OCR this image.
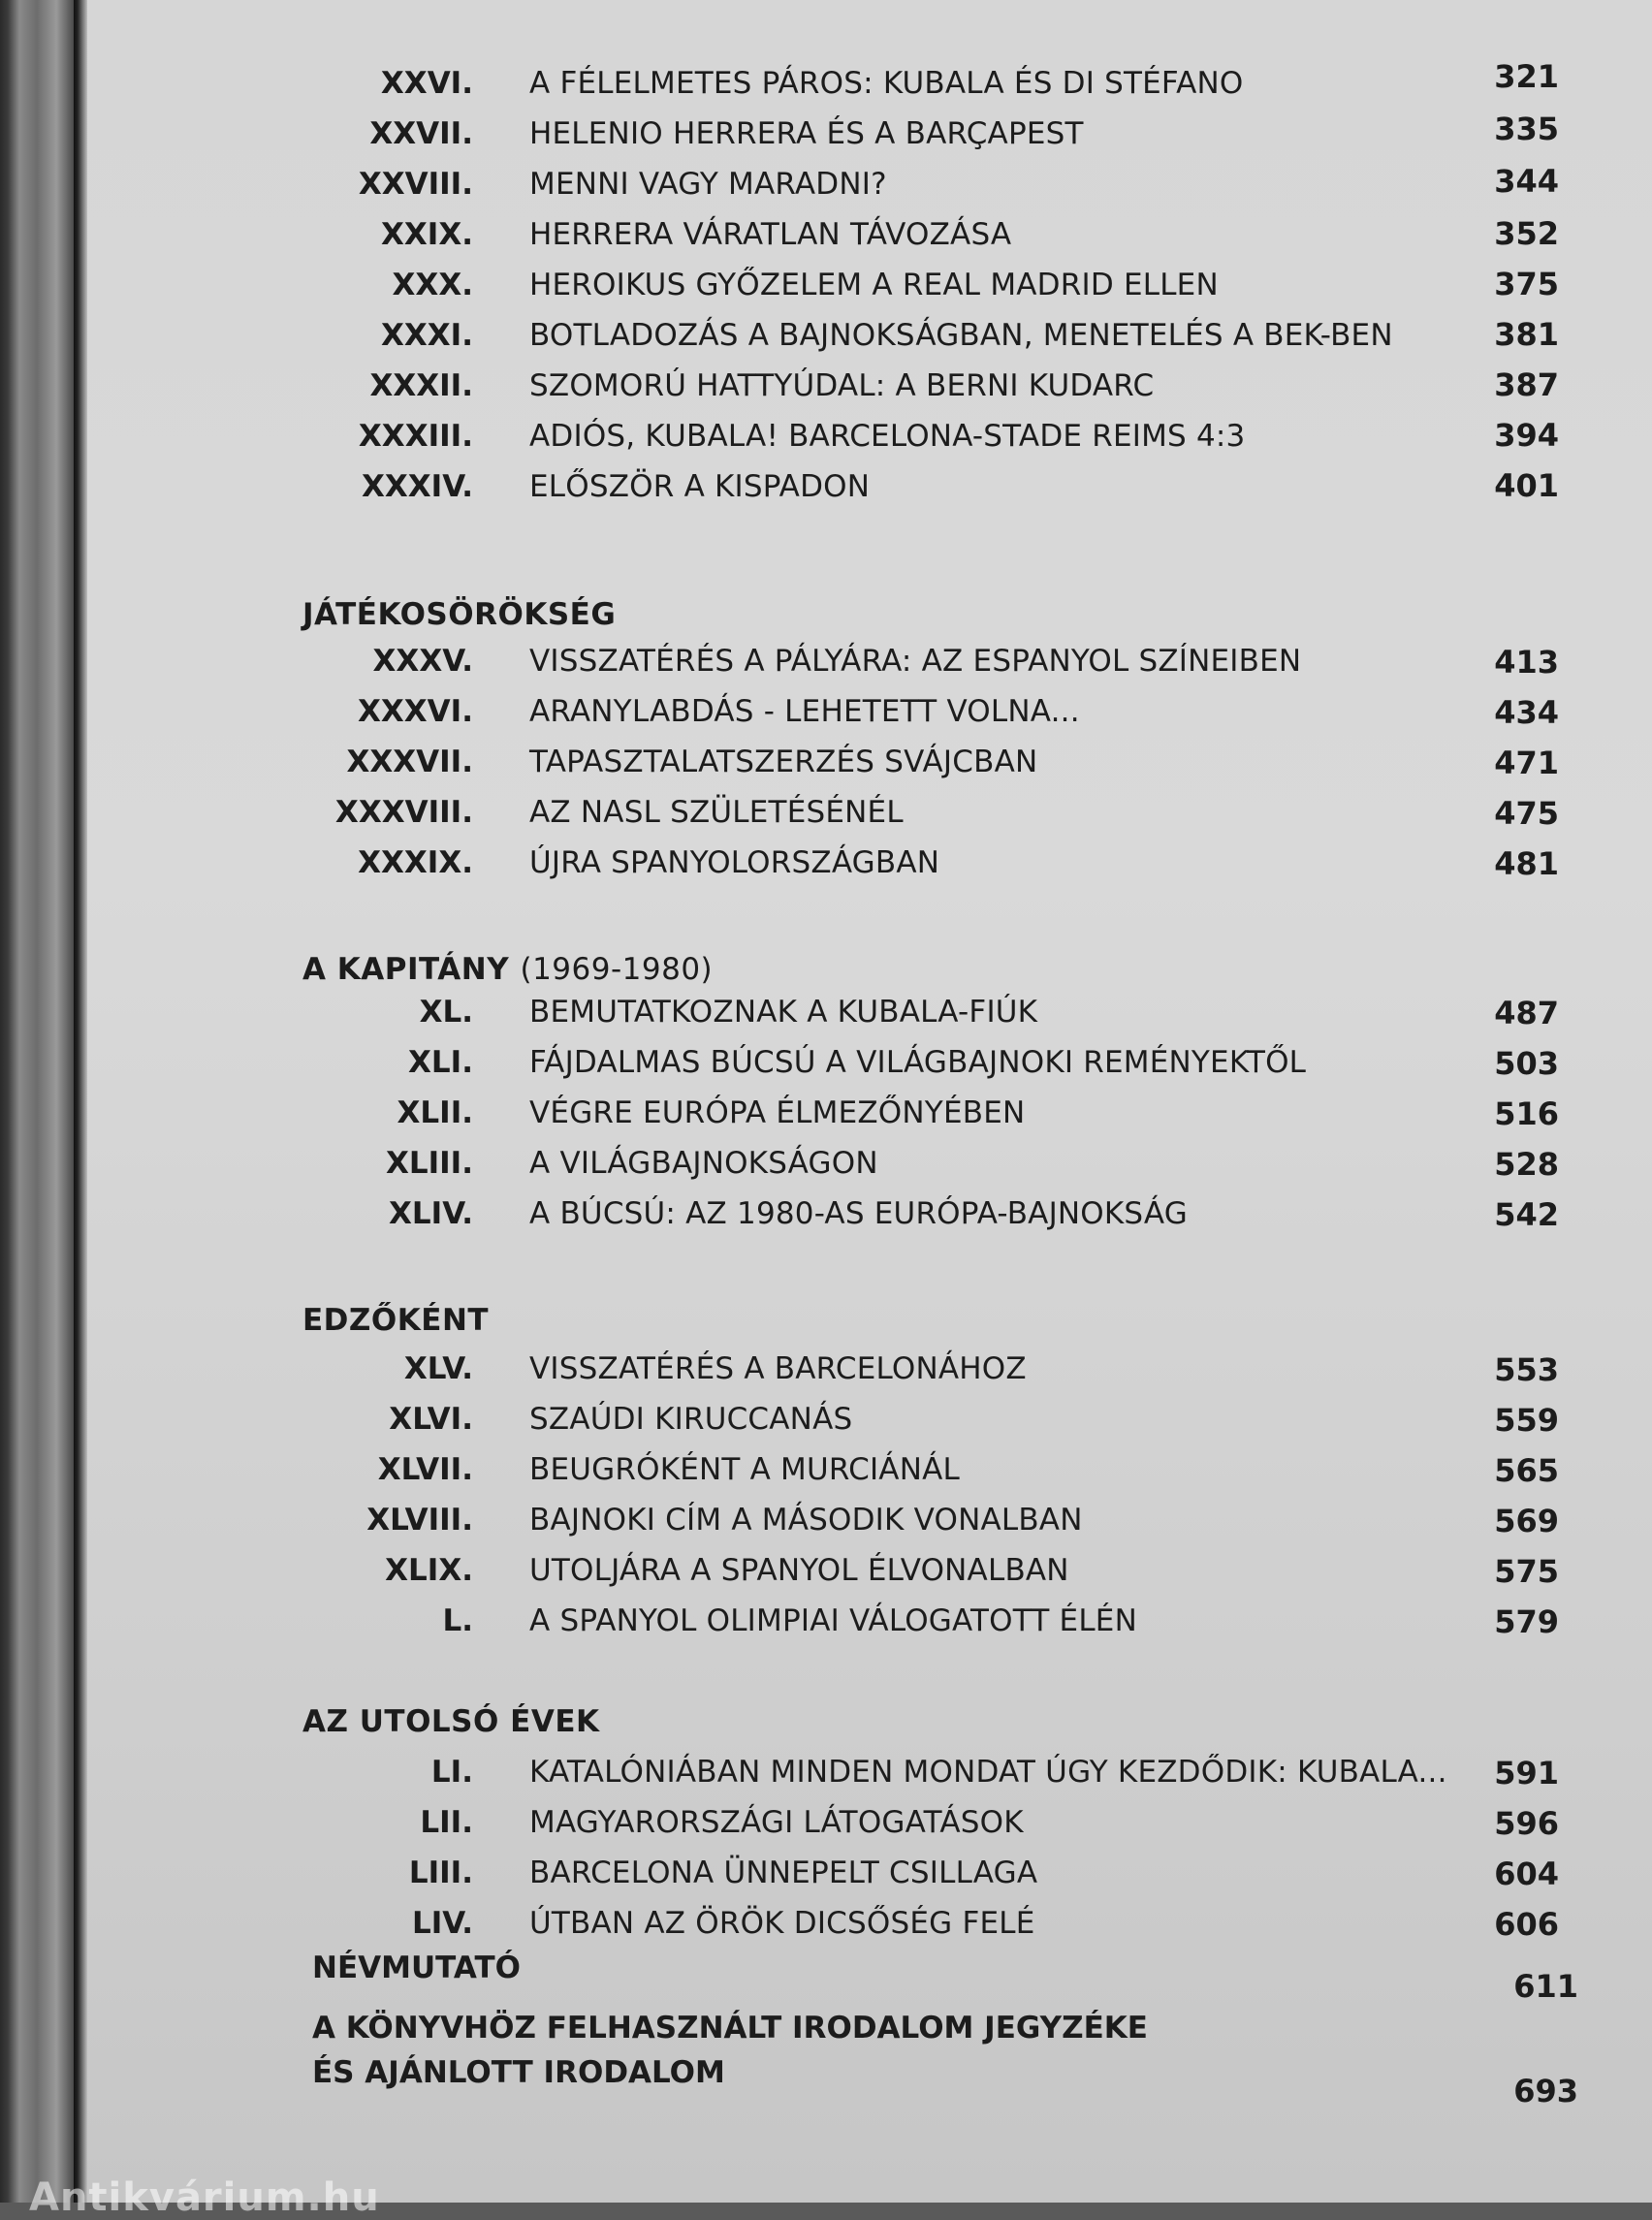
XXVI. A FÉLELMETES PÁROS: KUBALA ÉS DI STÉFANO	321
XXVII. HELENIO HERRERA ÉS A BARÇAPEST	335
XXVIII. MENNI VAGY MARADNI?	344
XXIX. HERRERA VÁRATLAN TÁVOZÁSA	352
XXX. HEROIKUS GYŐZELEM A REAL MADRID ELLEN	375
XXXI. BOTLADOZÁS A BAJNOKSÁGBAN, MENETELÉS A BEK-BEN	381
XXXII. SZOMORÚ HATTYÚDAL: A BERNI KUDARC	387
XXXIII. ADIÓS, KUBALA! BARCELONA-STADE REIMS 4:3	394
XXXIV. ELŐSZÖR A KISPADON	401
JÁTÉKOSÖRÖKSÉG
XXXV. VISSZATÉRÉS A PÁLYÁRA: AZ ESPANYOL SZÍNEIBEN	413
XXXVI. ARANYLABDÁS - LEHETETT VOLNA...	434
XXXVII. TAPASZTALATSZERZÉS SVÁJCBAN	471
XXXVIII. AZ NASL SZÜLETÉSÉNÉL	475
XXXIX. ÚJRA SPANYOLORSZÁGBAN	481
A KAPITÁNY (1969-1980)
XL. BEMUTATKOZNAK A KUBALA-FIÚK	487
XLI. FÁJDALMAS BÚCSÚ A VILÁGBAJNOKI REMÉNYEKTŐL	503
XLII. VÉGRE EURÓPA ÉLMEZŐNYÉBEN	516
XLIII. A VILÁGBAJNOKSÁGON	528
XLIV. A BÚCSÚ: AZ 1980-AS EURÓPA-BAJNOKSÁG	542
EDZŐKÉNT
XLV. VISSZATÉRÉS A BARCELONÁHOZ	553
XLVI. SZAÚDI KIRUCCANÁS	559
XLVII. BEUGRÓKÉNT A MURCIÁNÁL	565
XLVIII. BAJNOKI CÍM A MÁSODIK VONALBAN	569
XLIX. UTOLJÁRA A SPANYOL ÉLVONALBAN	575
L. A SPANYOL OLIMPIAI VÁLOGATOTT ÉLÉN	579
AZ UTOLSÓ ÉVEK
LI. KATALÓNIÁBAN MINDEN MONDAT ÚGY KEZDŐDIK: KUBALA... 591
LII. MAGYARORSZÁGI LÁTOGATÁSOK	596
LIII. BARCELONA ÜNNEPELT CSILLAGA	604
LIV. ÚTBAN AZ ÖRÖK DICSŐSÉG FELÉ	606
NÉVMUTATÓ	611
A KÖNYVHÖZ FELHASZNÁLT IRODALOM JEGYZÉKE
ÉS AJÁNLOTT IRODALOM	693
Antikvárium.hu
